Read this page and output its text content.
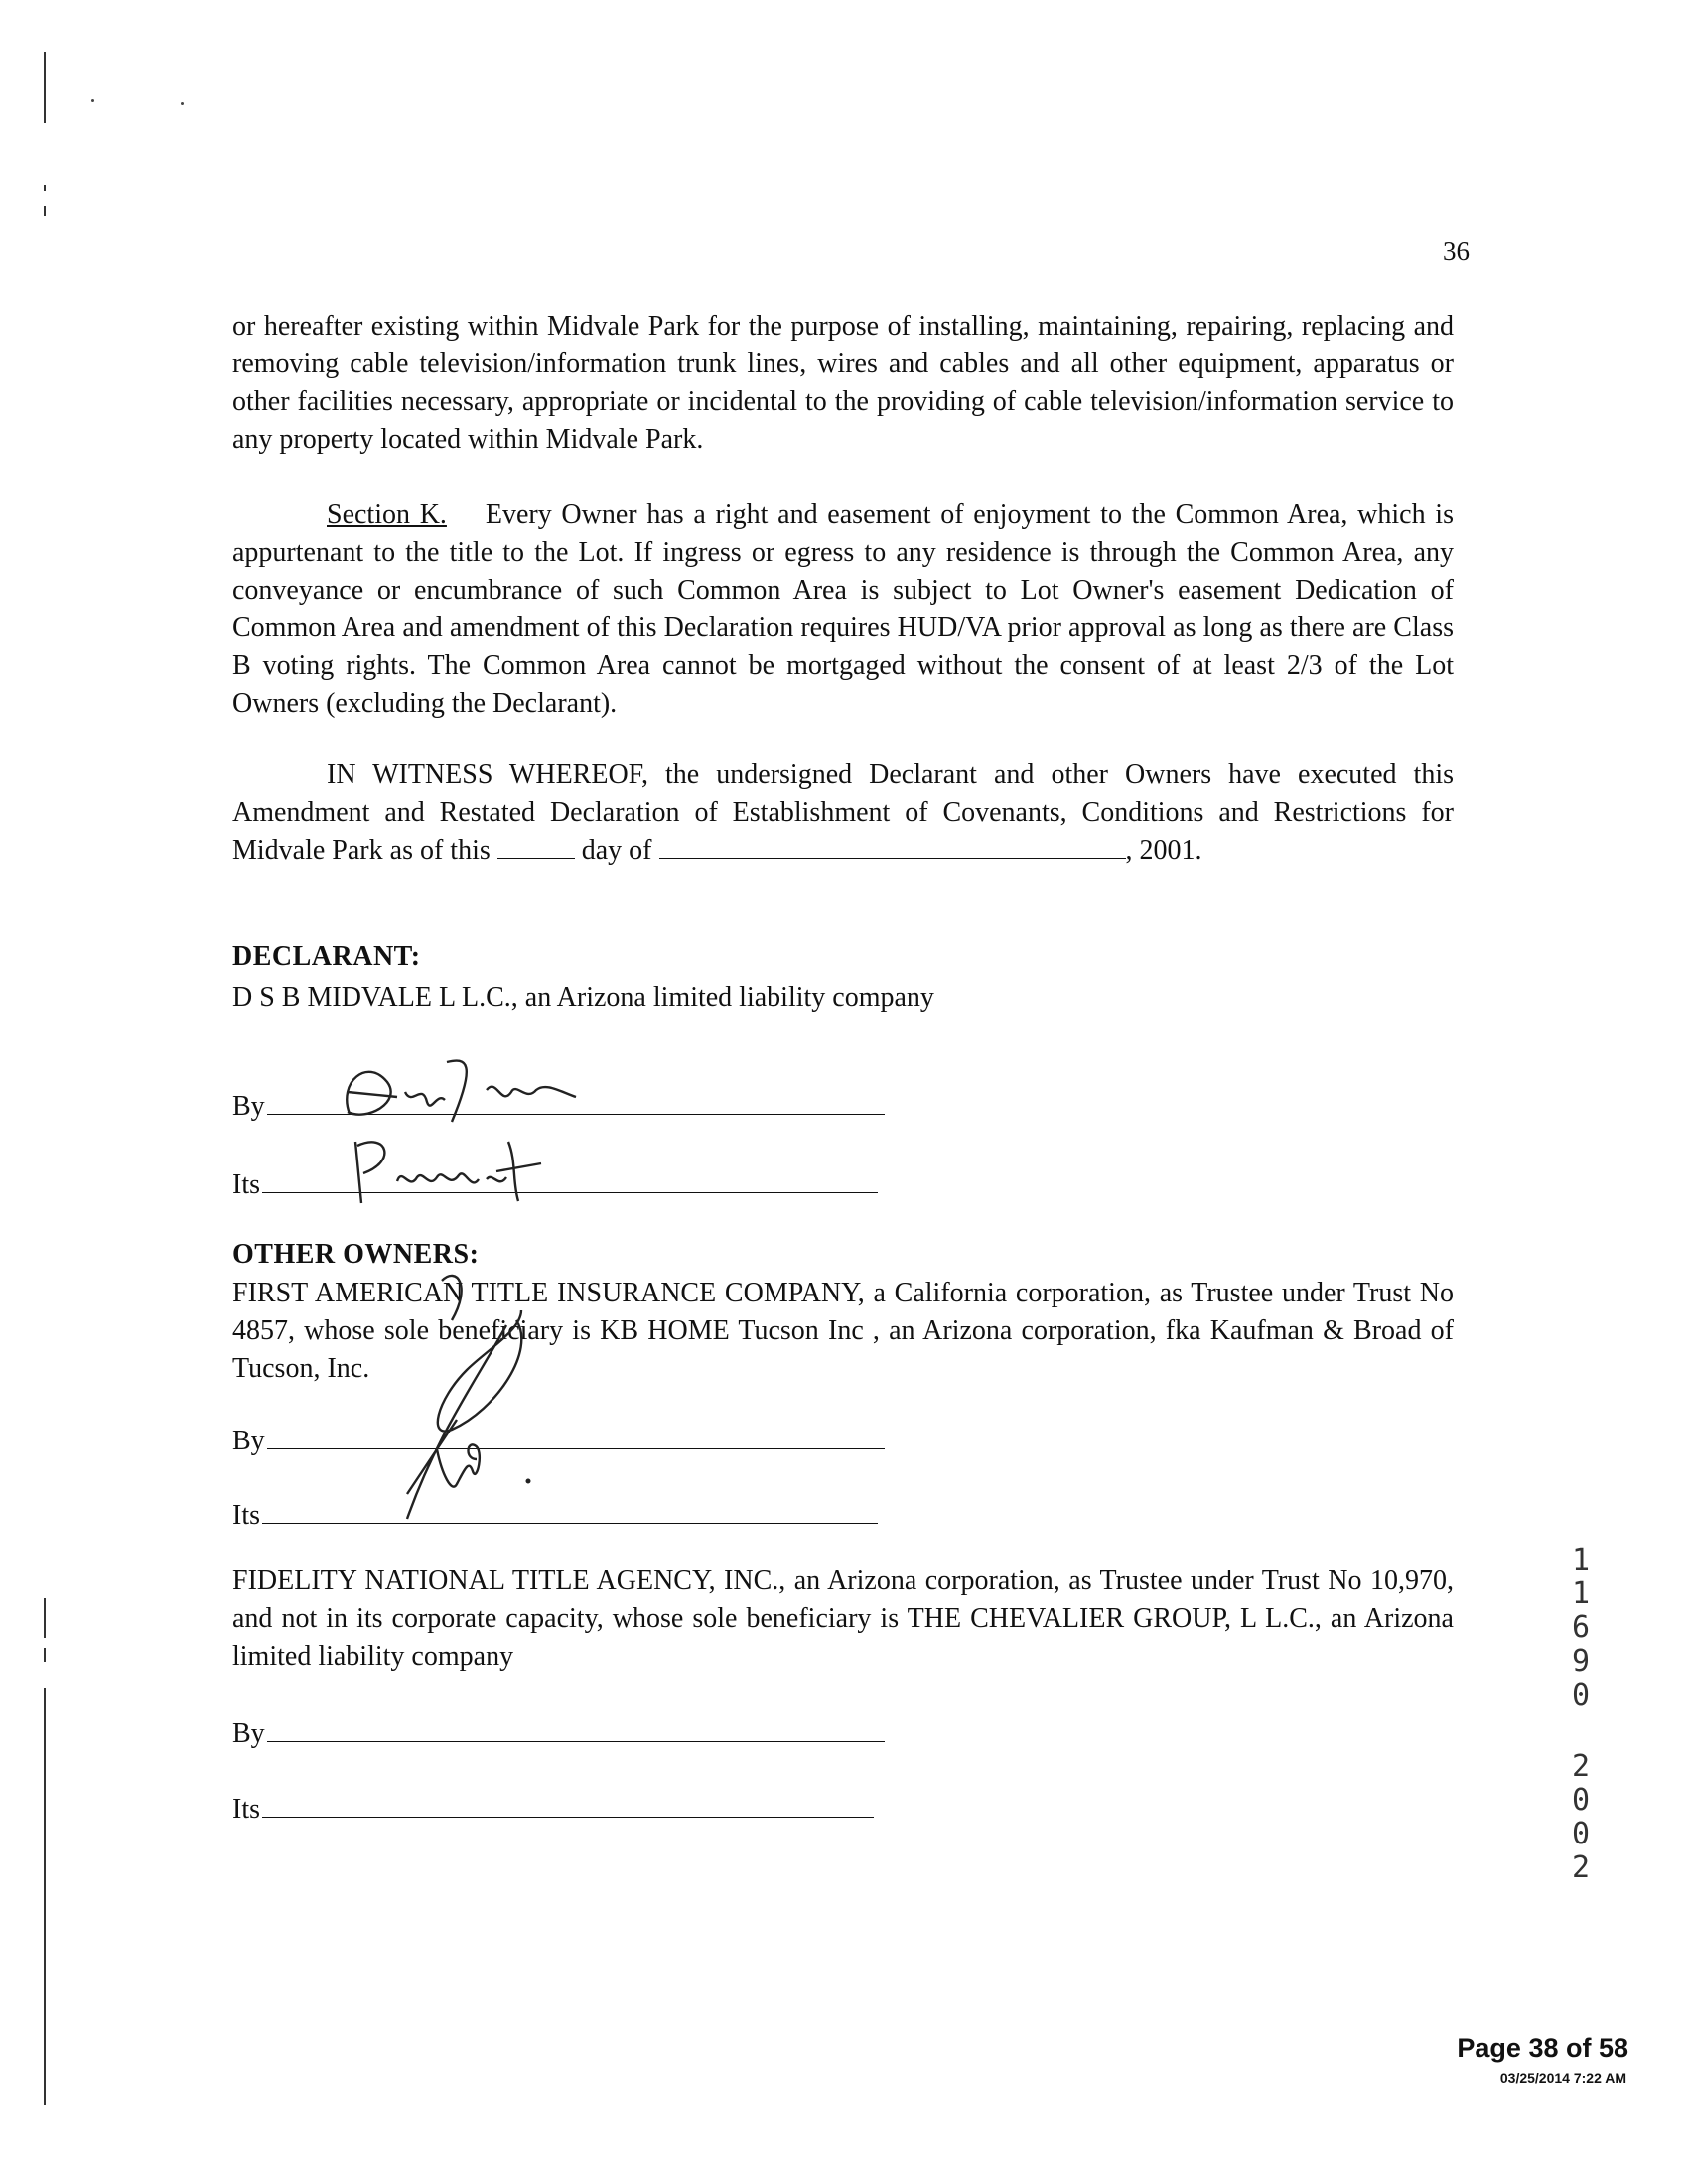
36

or hereafter existing within Midvale Park for the purpose of installing, maintaining, repairing, replacing and removing cable television/information trunk lines, wires and cables and all other equipment, apparatus or other facilities necessary, appropriate or incidental to the providing of cable television/information service to any property located within Midvale Park.

Section K. Every Owner has a right and easement of enjoyment to the Common Area, which is appurtenant to the title to the Lot. If ingress or egress to any residence is through the Common Area, any conveyance or encumbrance of such Common Area is subject to Lot Owner's easement Dedication of Common Area and amendment of this Declaration requires HUD/VA prior approval as long as there are Class B voting rights. The Common Area cannot be mortgaged without the consent of at least 2/3 of the Lot Owners (excluding the Declarant).

IN WITNESS WHEREOF, the undersigned Declarant and other Owners have executed this Amendment and Restated Declaration of Establishment of Covenants, Conditions and Restrictions for Midvale Park as of this	day of	, 2001.

DECLARANT:
D S B MIDVALE L L.C., an Arizona limited liability company
By
Its
OTHER OWNERS:

FIRST AMERICAN TITLE INSURANCE COMPANY, a California corporation, as Trustee under Trust No 4857, whose sole beneficiary is KB HOME Tucson Inc , an Arizona corporation, fka Kaufman & Broad of Tucson, Inc.

By
Its

FIDELITY NATIONAL TITLE AGENCY, INC., an Arizona corporation, as Trustee under Trust No 10,970, and not in its corporate capacity, whose sole beneficiary is THE CHEVALIER GROUP, L L.C., an Arizona limited liability company

By
Its
1
1
6
9
0
2
0
0
2
Page 38 of 58
03/25/2014 7:22 AM
